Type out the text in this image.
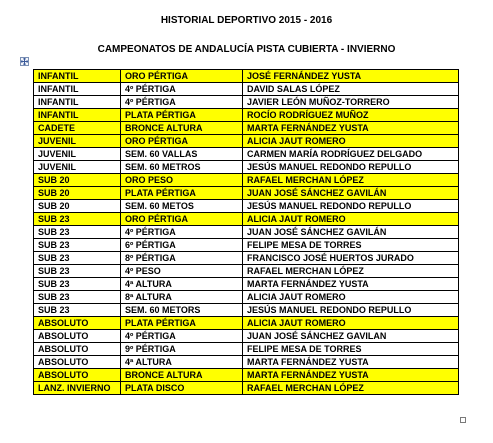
HISTORIAL DEPORTIVO 2015 - 2016
CAMPEONATOS DE ANDALUCÍA PISTA CUBIERTA - INVIERNO
INFANTIL	ORO PÉRTIGA	JOSÉ FERNÁNDEZ YUSTA
INFANTIL	4º PÉRTIGA	DAVID SALAS LÓPEZ
INFANTIL	4º PÉRTIGA	JAVIER LEÓN MUÑOZ-TORRERO
INFANTIL	PLATA PÉRTIGA	ROCÍO RODRÍGUEZ MUÑOZ
CADETE	BRONCE ALTURA	MARTA FERNÁNDEZ YUSTA
JUVENIL	ORO PÉRTIGA	ALICIA JAUT ROMERO
JUVENIL	SEM. 60 VALLAS	CARMEN MARÍA RODRÍGUEZ DELGADO
JUVENIL	SEM. 60 METROS	JESÚS MANUEL REDONDO REPULLO
SUB 20	ORO PESO	RAFAEL MERCHAN LÓPEZ
SUB 20	PLATA PÉRTIGA	JUAN JOSÉ SÁNCHEZ GAVILÁN
SUB 20	SEM. 60 METOS	JESÚS MANUEL REDONDO REPULLO
SUB 23	ORO PÉRTIGA	ALICIA JAUT ROMERO
SUB 23	4º PÉRTIGA	JUAN JOSÉ SÁNCHEZ GAVILÁN
SUB 23	6º PÉRTIGA	FELIPE MESA DE TORRES
SUB 23	8º PÉRTIGA	FRANCISCO JOSÉ HUERTOS JURADO
SUB 23	4º PESO	RAFAEL MERCHAN LÓPEZ
SUB 23	4ª ALTURA	MARTA FERNÁNDEZ YUSTA
SUB 23	8ª ALTURA	ALICIA JAUT ROMERO
SUB 23	SEM. 60 METORS	JESÚS MANUEL REDONDO REPULLO
ABSOLUTO	PLATA PÉRTIGA	ALICIA JAUT ROMERO
ABSOLUTO	4º PÉRTIGA	JUAN JOSÉ SÁNCHEZ GAVILAN
ABSOLUTO	9º PÉRTIGA	FELIPE MESA DE TORRES
ABSOLUTO	4ª ALTURA	MARTA FERNÁNDEZ YUSTA
ABSOLUTO	BRONCE ALTURA	MARTA FERNÁNDEZ YUSTA
LANZ. INVIERNO	PLATA DISCO	RAFAEL MERCHAN LÓPEZ
